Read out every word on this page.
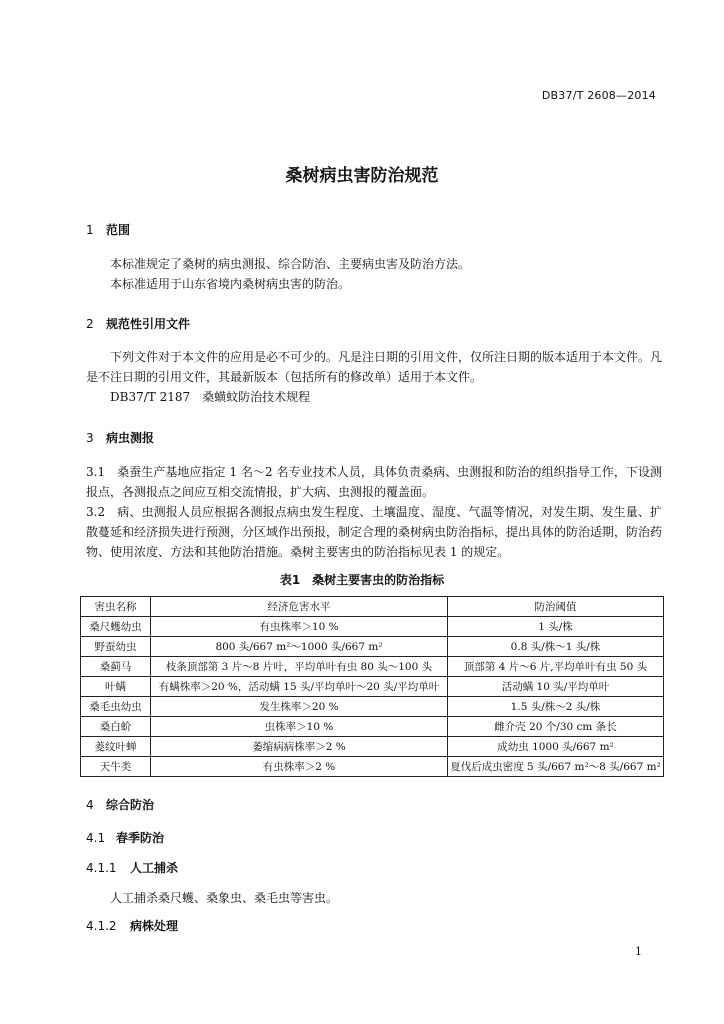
DB37/T 2608—2014
桑树病虫害防治规范
1 范围
本标准规定了桑树的病虫测报、综合防治、主要病虫害及防治方法。
本标准适用于山东省境内桑树病虫害的防治。
2 规范性引用文件
下列文件对于本文件的应用是必不可少的。凡是注日期的引用文件，仅所注日期的版本适用于本文件。凡是不注日期的引用文件，其最新版本（包括所有的修改单）适用于本文件。
DB37/T 2187　桑蟥蚊防治技术规程
3 病虫测报
3.1　桑蚕生产基地应指定 1 名～2 名专业技术人员，具体负责桑病、虫测报和防治的组织指导工作，下设测报点，各测报点之间应互相交流情报，扩大病、虫测报的覆盖面。
3.2　病、虫测报人员应根据各测报点病虫发生程度、土壤温度、湿度、气温等情况，对发生期、发生量、扩散蔓延和经济损失进行预测，分区域作出预报，制定合理的桑树病虫防治指标，提出具体的防治适期，防治药物、使用浓度、方法和其他防治措施。桑树主要害虫的防治指标见表 1 的规定。
表1　桑树主要害虫的防治指标
害虫名称	经济危害水平	防治阈值
桑尺蠖幼虫	有虫株率＞10 %	1 头/株
野蚕幼虫	800 头/667 m²～1000 头/667 m²	0.8 头/株～1 头/株
桑蓟马	枝条顶部第 3 片～8 片叶，平均单叶有虫 80 头～100 头	顶部第 4 片～6 片,平均单叶有虫 50 头
叶螨	有螨株率＞20 %，活动螨 15 头/平均单叶～20 头/平均单叶	活动螨 10 头/平均单叶
桑毛虫幼虫	发生株率＞20 %	1.5 头/株～2 头/株
桑白蚧	虫株率＞10 %	雌介壳 20 个/30 cm 条长
菱纹叶蝉	萎缩病病株率＞2 %	成幼虫 1000 头/667 m²
天牛类	有虫株率＞2 %	夏伐后成虫密度 5 头/667 m²～8 头/667 m²
4 综合防治
4.1 春季防治
4.1.1 人工捕杀
人工捕杀桑尺蠖、桑象虫、桑毛虫等害虫。
4.1.2 病株处理
1
